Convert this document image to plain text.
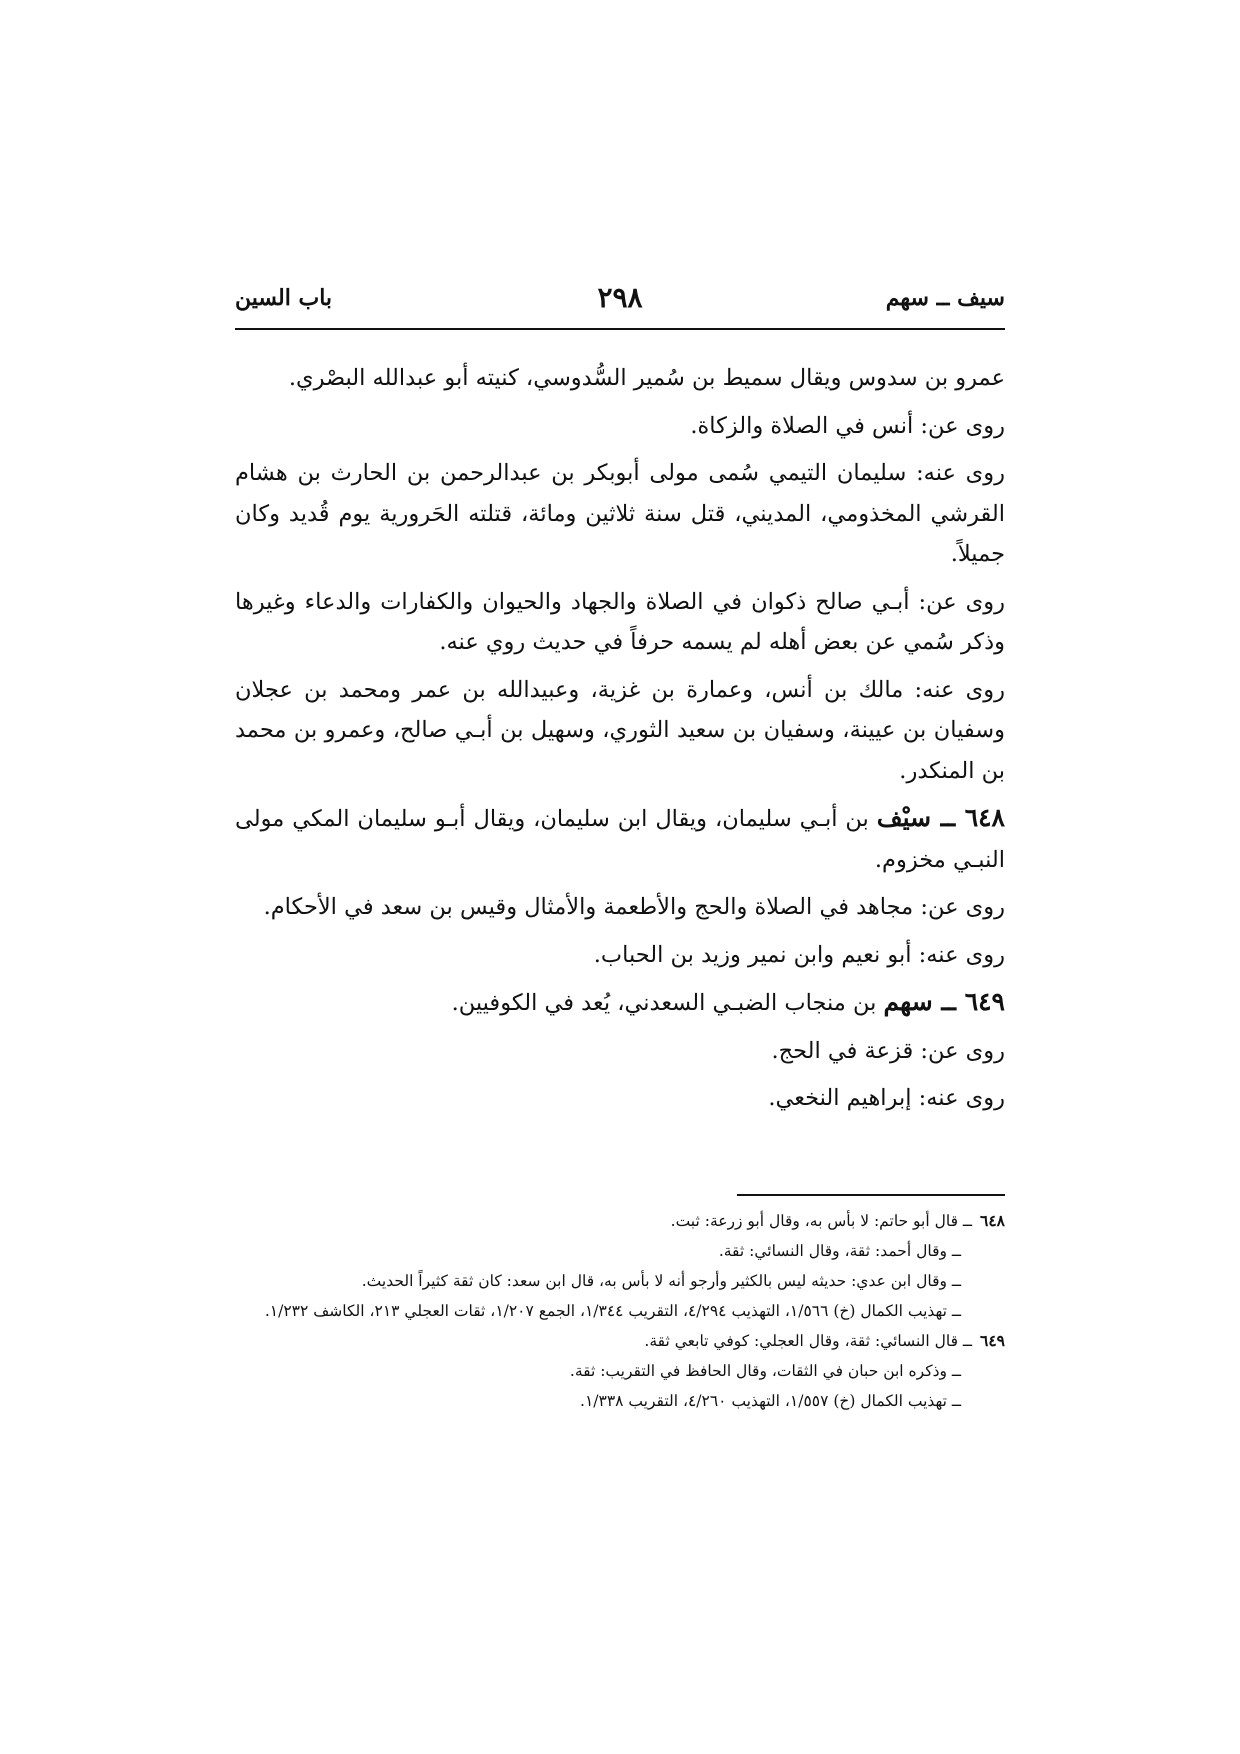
سيف ــ سهم
٢٩٨
باب السين

عمرو بن سدوس ويقال سميط بن سُمير السُّدوسي، كنيته أبو عبدالله البصْري.

روى عن: أنس في الصلاة والزكاة.

روى عنه: سليمان التيمي سُمى مولى أبوبكر بن عبدالرحمن بن الحارث بن هشام القرشي المخذومي، المديني، قتل سنة ثلاثين ومائة، قتلته الحَرورية يوم قُديد وكان جميلاً.

روى عن: أبـي صالح ذكوان في الصلاة والجهاد والحيوان والكفارات والدعاء وغيرها وذكر سُمي عن بعض أهله لم يسمه حرفاً في حديث روي عنه.

روى عنه: مالك بن أنس، وعمارة بن غزية، وعبيدالله بن عمر ومحمد بن عجلان وسفيان بن عيينة، وسفيان بن سعيد الثوري، وسهيل بن أبـي صالح، وعمرو بن محمد بن المنكدر.

٦٤٨ ــ سيْف بن أبـي سليمان، ويقال ابن سليمان، ويقال أبـو سليمان المكي مولى النبـي مخزوم.

روى عن: مجاهد في الصلاة والحج والأطعمة والأمثال وقيس بن سعد في الأحكام.

روى عنه: أبو نعيم وابن نمير وزيد بن الحباب.

٦٤٩ ــ سهم بن منجاب الضبـي السعدني، يُعد في الكوفيين.

روى عن: قزعة في الحج.

روى عنه: إبراهيم النخعي.

٦٤٨ــ قال أبو حاتم: لا بأس به، وقال أبو زرعة: ثبت.

ــ وقال أحمد: ثقة، وقال النسائي: ثقة.

ــ وقال ابن عدي: حديثه ليس بالكثير وأرجو أنه لا بأس به، قال ابن سعد: كان ثقة كثيراً الحديث.

ــ تهذيب الكمال (خ) ١/٥٦٦، التهذيب ٤/٢٩٤، التقريب ١/٣٤٤، الجمع ١/٢٠٧، ثقات العجلي ٢١٣، الكاشف ١/٢٣٢.

٦٤٩ــ قال النسائي: ثقة، وقال العجلي: كوفي تابعي ثقة.

ــ وذكره ابن حبان في الثقات، وقال الحافظ في التقريب: ثقة.

ــ تهذيب الكمال (خ) ١/٥٥٧، التهذيب ٤/٢٦٠، التقريب ١/٣٣٨.
